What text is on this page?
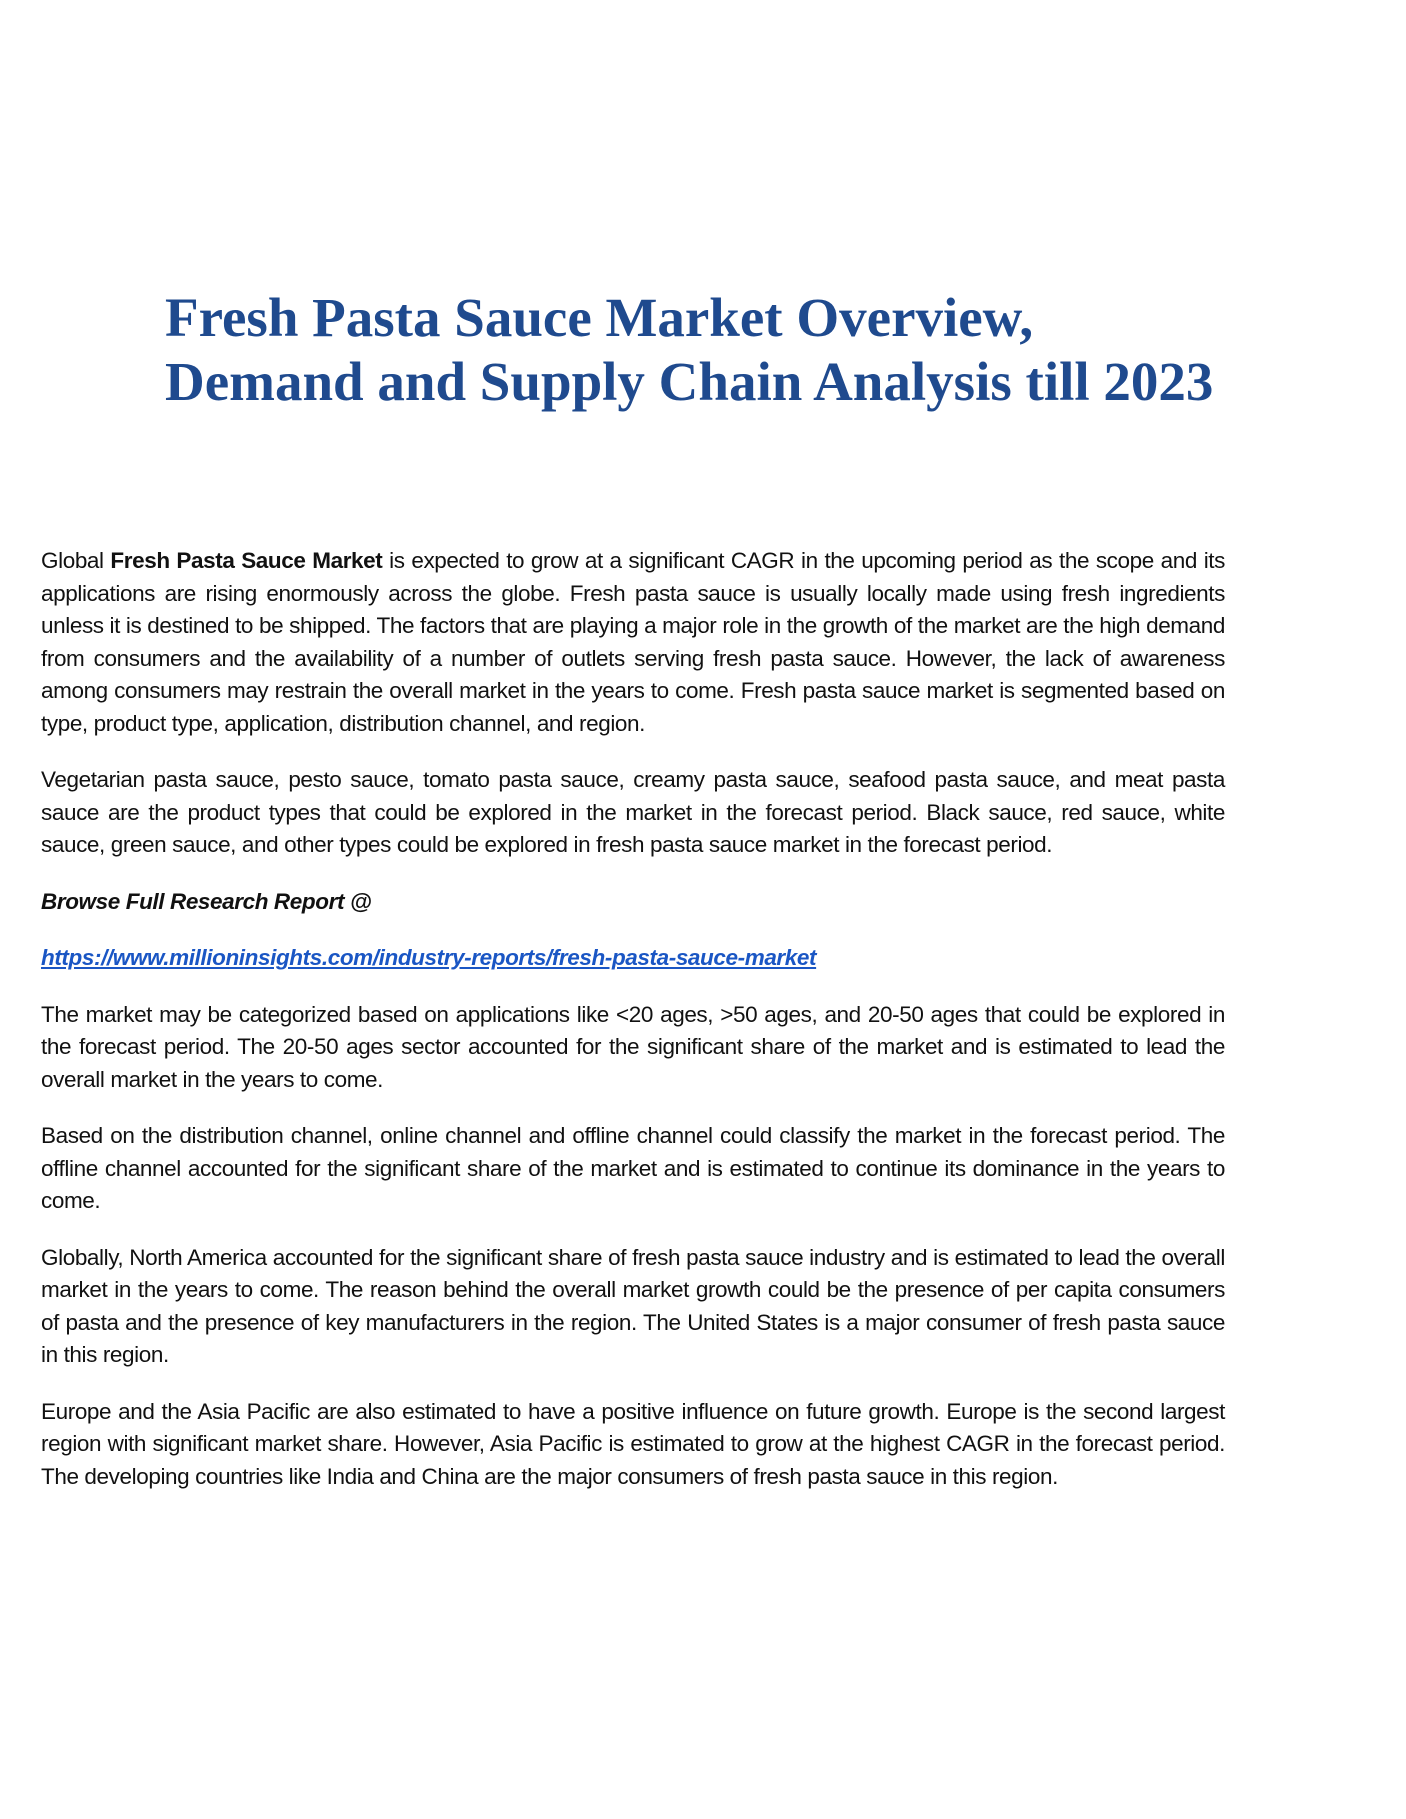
Fresh Pasta Sauce Market Overview,
Demand and Supply Chain Analysis till 2023

Global Fresh Pasta Sauce Market is expected to grow at a significant CAGR in the upcoming period as the scope and its applications are rising enormously across the globe. Fresh pasta sauce is usually locally made using fresh ingredients unless it is destined to be shipped. The factors that are playing a major role in the growth of the market are the high demand from consumers and the availability of a number of outlets serving fresh pasta sauce. However, the lack of awareness among consumers may restrain the overall market in the years to come. Fresh pasta sauce market is segmented based on type, product type, application, distribution channel, and region.

Vegetarian pasta sauce, pesto sauce, tomato pasta sauce, creamy pasta sauce, seafood pasta sauce, and meat pasta sauce are the product types that could be explored in the market in the forecast period. Black sauce, red sauce, white sauce, green sauce, and other types could be explored in fresh pasta sauce market in the forecast period.

Browse Full Research Report @

https://www.millioninsights.com/industry-reports/fresh-pasta-sauce-market

The market may be categorized based on applications like <20 ages, >50 ages, and 20-50 ages that could be explored in the forecast period. The 20-50 ages sector accounted for the significant share of the market and is estimated to lead the overall market in the years to come.

Based on the distribution channel, online channel and offline channel could classify the market in the forecast period. The offline channel accounted for the significant share of the market and is estimated to continue its dominance in the years to come.

Globally, North America accounted for the significant share of fresh pasta sauce industry and is estimated to lead the overall market in the years to come. The reason behind the overall market growth could be the presence of per capita consumers of pasta and the presence of key manufacturers in the region. The United States is a major consumer of fresh pasta sauce in this region.

Europe and the Asia Pacific are also estimated to have a positive influence on future growth. Europe is the second largest region with significant market share. However, Asia Pacific is estimated to grow at the highest CAGR in the forecast period. The developing countries like India and China are the major consumers of fresh pasta sauce in this region.
